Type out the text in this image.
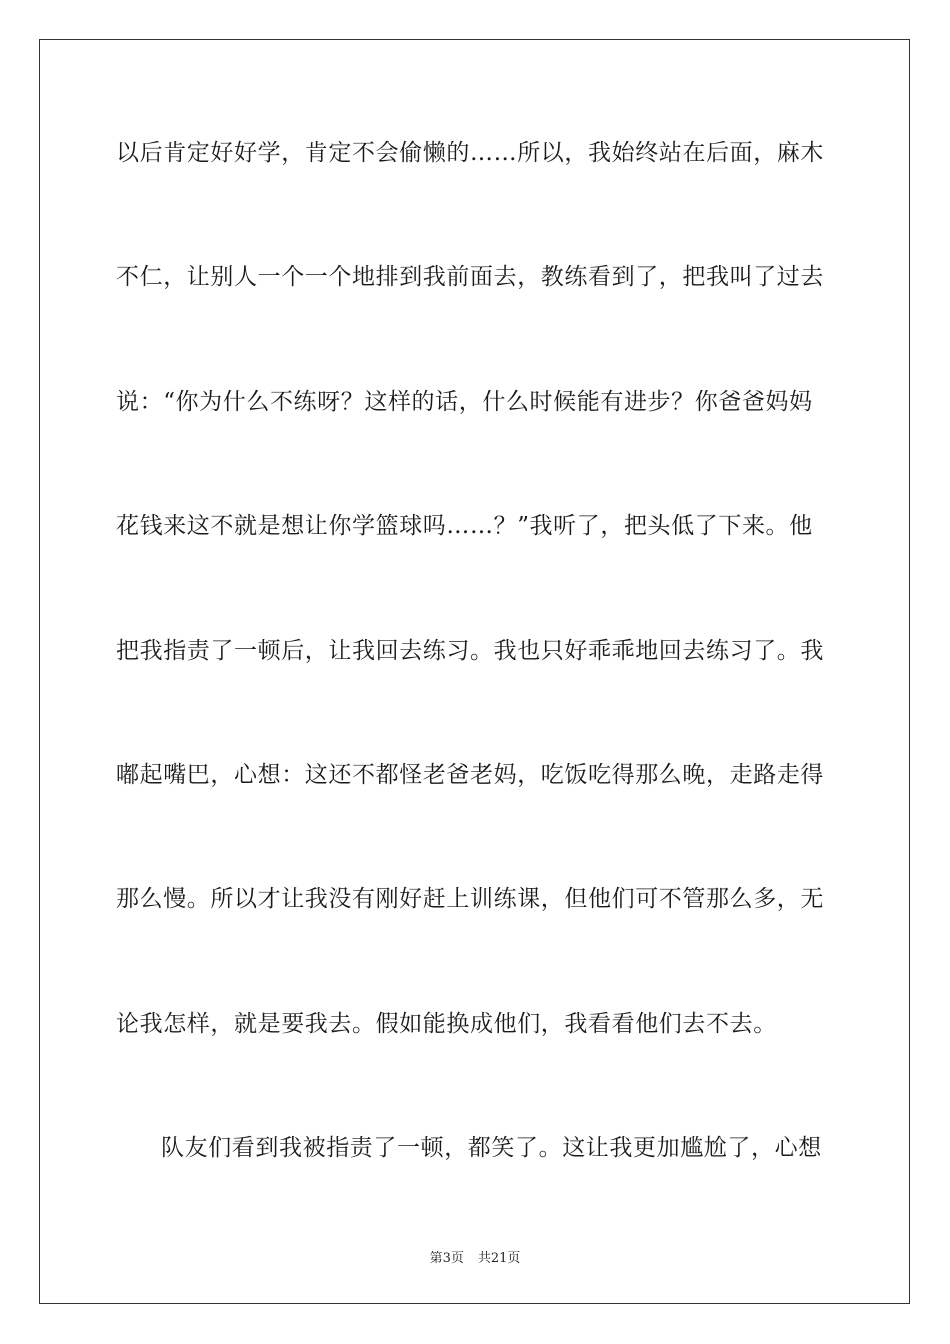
以后肯定好好学，肯定不会偷懒的……所以，我始终站在后面，麻木
不仁，让别人一个一个地排到我前面去，教练看到了，把我叫了过去
说：“你为什么不练呀？这样的话，什么时候能有进步？你爸爸妈妈
花钱来这不就是想让你学篮球吗……？”我听了，把头低了下来。他
把我指责了一顿后，让我回去练习。我也只好乖乖地回去练习了。我
嘟起嘴巴，心想：这还不都怪老爸老妈，吃饭吃得那么晚，走路走得
那么慢。所以才让我没有刚好赶上训练课，但他们可不管那么多，无
论我怎样，就是要我去。假如能换成他们，我看看他们去不去。
队友们看到我被指责了一顿，都笑了。这让我更加尴尬了，心想
第3页 共21页
